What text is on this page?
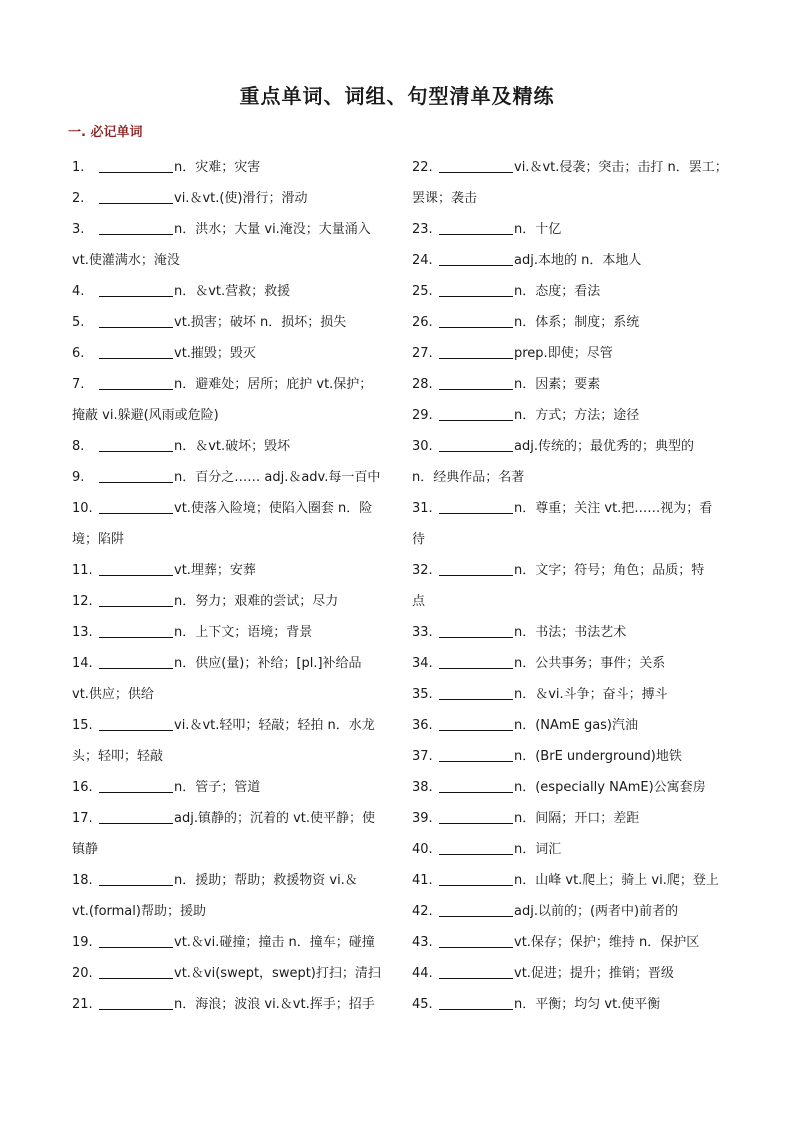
重点单词、词组、句型清单及精练
一. 必记单词
1.	n．灾难；灾害
2.	vi.＆vt.(使)滑行；滑动
3.	n．洪水；大量 vi.淹没；大量涌入
vt.使灌满水；淹没
4.	n．＆vt.营救；救援
5.	vt.损害；破坏 n．损坏；损失
6.	vt.摧毁；毁灭
7.	n．避难处；居所；庇护 vt.保护；
掩蔽 vi.躲避(风雨或危险)
8.	n．＆vt.破坏；毁坏
9.	n．百分之…… adj.＆adv.每一百中
10.	vt.使落入险境；使陷入圈套 n．险
境；陷阱
11.	vt.埋葬；安葬
12.	n．努力；艰难的尝试；尽力
13.	n．上下文；语境；背景
14.	n．供应(量)；补给；[pl.]补给品
vt.供应；供给
15.	vi.＆vt.轻叩；轻敲；轻拍 n．水龙
头；轻叩；轻敲
16.	n．管子；管道
17.	adj.镇静的；沉着的 vt.使平静；使
镇静
18.	n．援助；帮助；救援物资 vi.＆
vt.(formal)帮助；援助
19.	vt.＆vi.碰撞；撞击 n．撞车；碰撞
20.	vt.＆vi(swept，swept)打扫；清扫
21.	n．海浪；波浪 vi.＆vt.挥手；招手
22.	vi.＆vt.侵袭；突击；击打 n．罢工；
罢课；袭击
23.	n．十亿
24.	adj.本地的 n．本地人
25.	n．态度；看法
26.	n．体系；制度；系统
27.	prep.即使；尽管
28.	n．因素；要素
29.	n．方式；方法；途径
30.	adj.传统的；最优秀的；典型的
n．经典作品；名著
31.	n．尊重；关注 vt.把……视为；看
待
32.	n．文字；符号；角色；品质；特
点
33.	n．书法；书法艺术
34.	n．公共事务；事件；关系
35.	n．＆vi.斗争；奋斗；搏斗
36.	n．(NAmE gas)汽油
37.	n．(BrE underground)地铁
38.	n．(especially NAmE)公寓套房
39.	n．间隔；开口；差距
40.	n．词汇
41.	n．山峰 vt.爬上；骑上 vi.爬；登上
42.	adj.以前的；(两者中)前者的
43.	vt.保存；保护；维持 n．保护区
44.	vt.促进；提升；推销；晋级
45.	n．平衡；均匀 vt.使平衡
